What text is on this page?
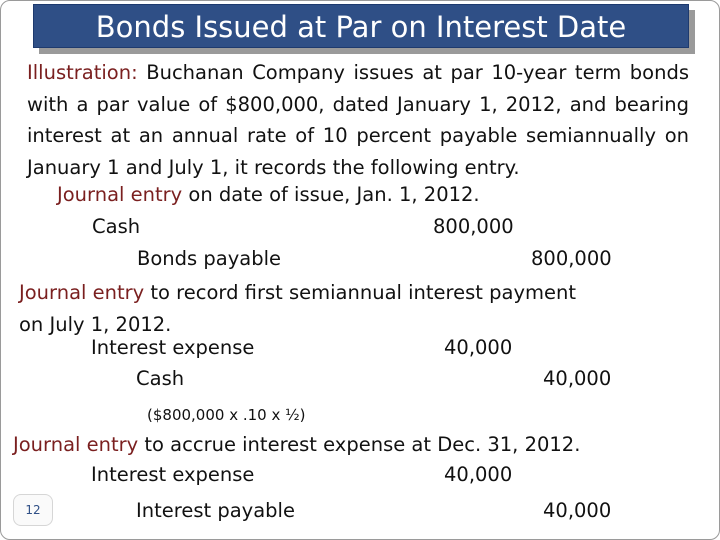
Bonds Issued at Par on Interest Date

Illustration: Buchanan Company issues at par 10-year term bonds with a par value of $800,000, dated January 1, 2012, and bearing interest at an annual rate of 10 percent payable semiannually on January 1 and July 1, it records the following entry.

Journal entry on date of issue, Jan. 1, 2012.
Cash	800,000
Bonds payable	800,000
Journal entry to record first semiannual interest payment
on July 1, 2012.
Interest expense	40,000
Cash	40,000
($800,000 x .10 x ½)
Journal entry to accrue interest expense at Dec. 31, 2012.
Interest expense	40,000
Interest payable	40,000
12
